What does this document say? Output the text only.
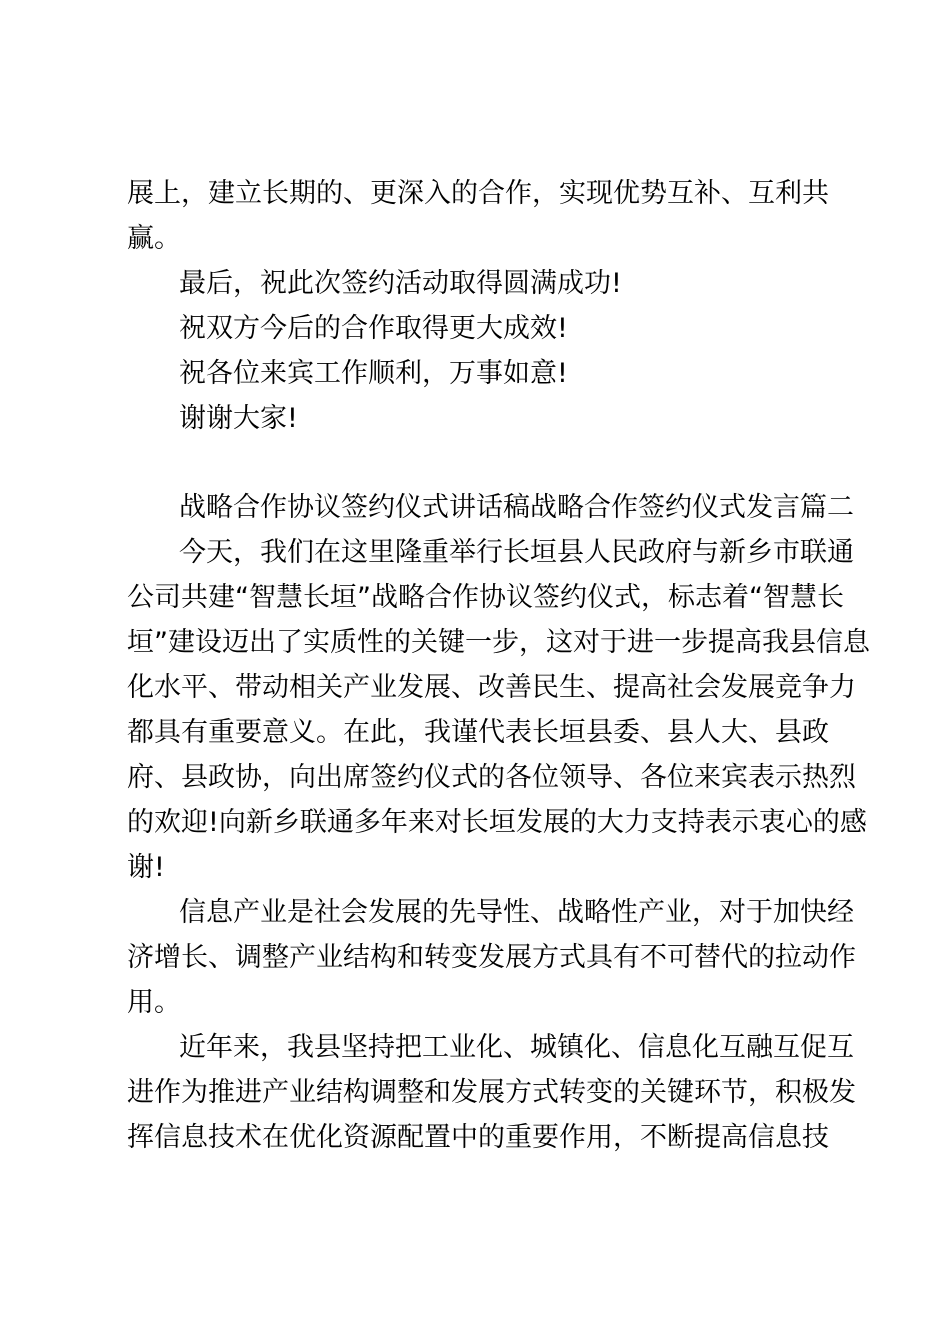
展上，建立长期的、更深入的合作，实现优势互补、互利共
赢。
最后，祝此次签约活动取得圆满成功!
祝双方今后的合作取得更大成效!
祝各位来宾工作顺利，万事如意!
谢谢大家!
战略合作协议签约仪式讲话稿战略合作签约仪式发言篇二
今天，我们在这里隆重举行长垣县人民政府与新乡市联通
公司共建“智慧长垣”战略合作协议签约仪式，标志着“智慧长
垣”建设迈出了实质性的关键一步，这对于进一步提高我县信息
化水平、带动相关产业发展、改善民生、提高社会发展竞争力
都具有重要意义。在此，我谨代表长垣县委、县人大、县政
府、县政协，向出席签约仪式的各位领导、各位来宾表示热烈
的欢迎!向新乡联通多年来对长垣发展的大力支持表示衷心的感
谢!
信息产业是社会发展的先导性、战略性产业，对于加快经
济增长、调整产业结构和转变发展方式具有不可替代的拉动作
用。
近年来，我县坚持把工业化、城镇化、信息化互融互促互
进作为推进产业结构调整和发展方式转变的关键环节，积极发
挥信息技术在优化资源配置中的重要作用，不断提高信息技
